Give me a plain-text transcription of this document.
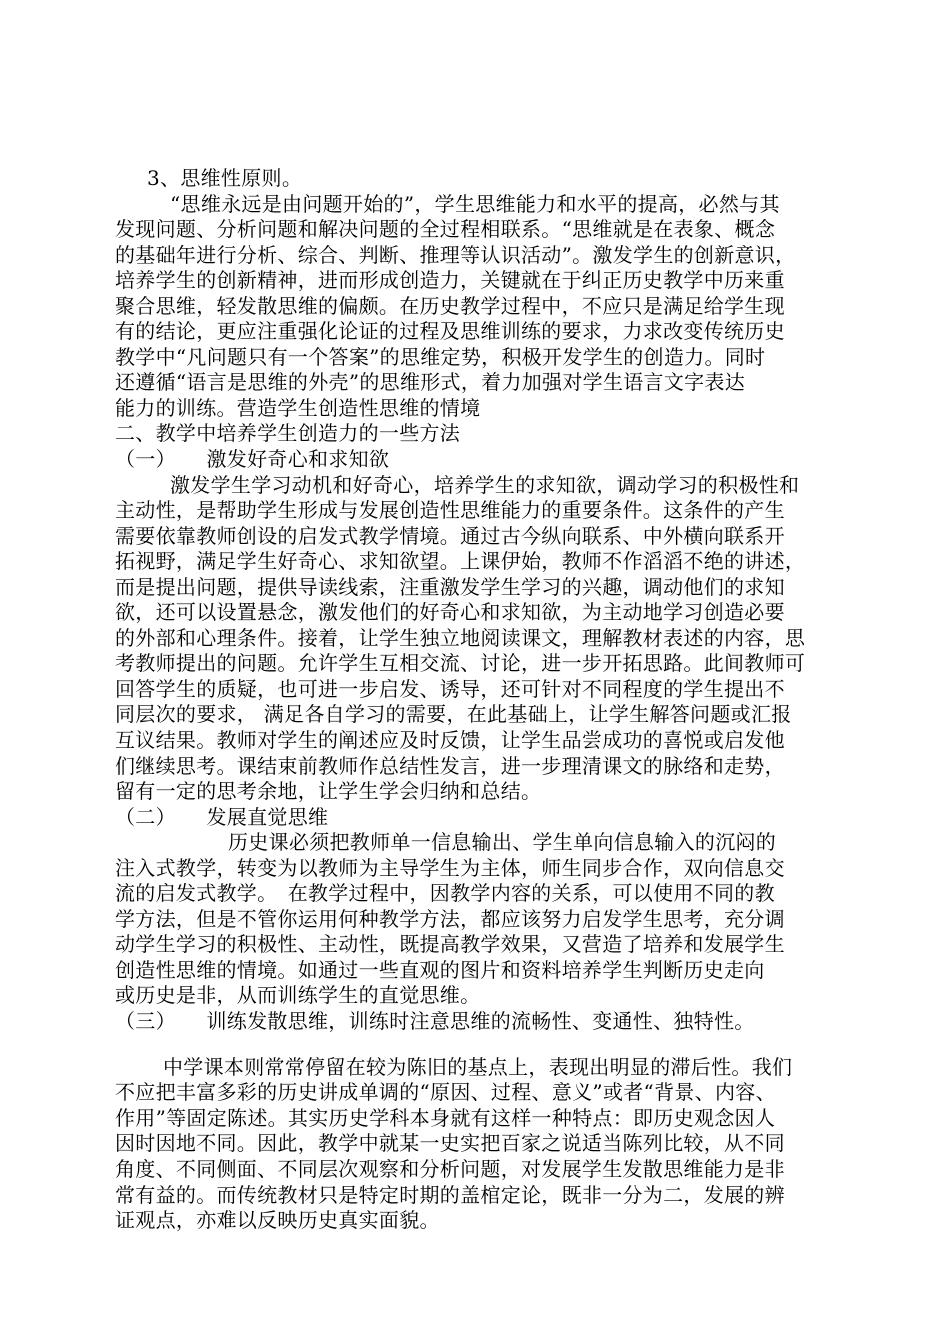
3、思维性原则。
“思维永远是由问题开始的”，学生思维能力和水平的提高，必然与其
发现问题、分析问题和解决问题的全过程相联系。“思维就是在表象、概念
的基础年进行分析、综合、判断、推理等认识活动”。激发学生的创新意识，
培养学生的创新精神，进而形成创造力，关键就在于纠正历史教学中历来重
聚合思维，轻发散思维的偏颇。在历史教学过程中，不应只是满足给学生现
有的结论，更应注重强化论证的过程及思维训练的要求，力求改变传统历史
教学中“凡问题只有一个答案”的思维定势，积极开发学生的创造力。同时
还遵循“语言是思维的外壳”的思维形式，着力加强对学生语言文字表达
能力的训练。营造学生创造性思维的情境
二、教学中培养学生创造力的一些方法
（一）　　激发好奇心和求知欲
激发学生学习动机和好奇心，培养学生的求知欲，调动学习的积极性和
主动性，是帮助学生形成与发展创造性思维能力的重要条件。这条件的产生
需要依靠教师创设的启发式教学情境。通过古今纵向联系、中外横向联系开
拓视野，满足学生好奇心、求知欲望。上课伊始，教师不作滔滔不绝的讲述，
而是提出问题，提供导读线索，注重激发学生学习的兴趣，调动他们的求知
欲，还可以设置悬念，激发他们的好奇心和求知欲，为主动地学习创造必要
的外部和心理条件。接着，让学生独立地阅读课文，理解教材表述的内容，思
考教师提出的问题。允许学生互相交流、讨论，进一步开拓思路。此间教师可
回答学生的质疑，也可进一步启发、诱导，还可针对不同程度的学生提出不
同层次的要求， 满足各自学习的需要，在此基础上，让学生解答问题或汇报
互议结果。教师对学生的阐述应及时反馈，让学生品尝成功的喜悦或启发他
们继续思考。课结束前教师作总结性发言，进一步理清课文的脉络和走势，
留有一定的思考余地，让学生学会归纳和总结。
（二）　　发展直觉思维
历史课必须把教师单一信息输出、学生单向信息输入的沉闷的
注入式教学，转变为以教师为主导学生为主体，师生同步合作，双向信息交
流的启发式教学。　在教学过程中，因教学内容的关系，可以使用不同的教
学方法，但是不管你运用何种教学方法，都应该努力启发学生思考，充分调
动学生学习的积极性、主动性，既提高教学效果，又营造了培养和发展学生
创造性思维的情境。如通过一些直观的图片和资料培养学生判断历史走向
或历史是非，从而训练学生的直觉思维。
（三）　　训练发散思维，训练时注意思维的流畅性、变通性、独特性。
中学课本则常常停留在较为陈旧的基点上，表现出明显的滞后性。我们
不应把丰富多彩的历史讲成单调的“原因、过程、意义”或者“背景、内容、
作用”等固定陈述。其实历史学科本身就有这样一种特点：即历史观念因人
因时因地不同。因此，教学中就某一史实把百家之说适当陈列比较，从不同
角度、不同侧面、不同层次观察和分析问题，对发展学生发散思维能力是非
常有益的。而传统教材只是特定时期的盖棺定论，既非一分为二，发展的辨
证观点，亦难以反映历史真实面貌。
